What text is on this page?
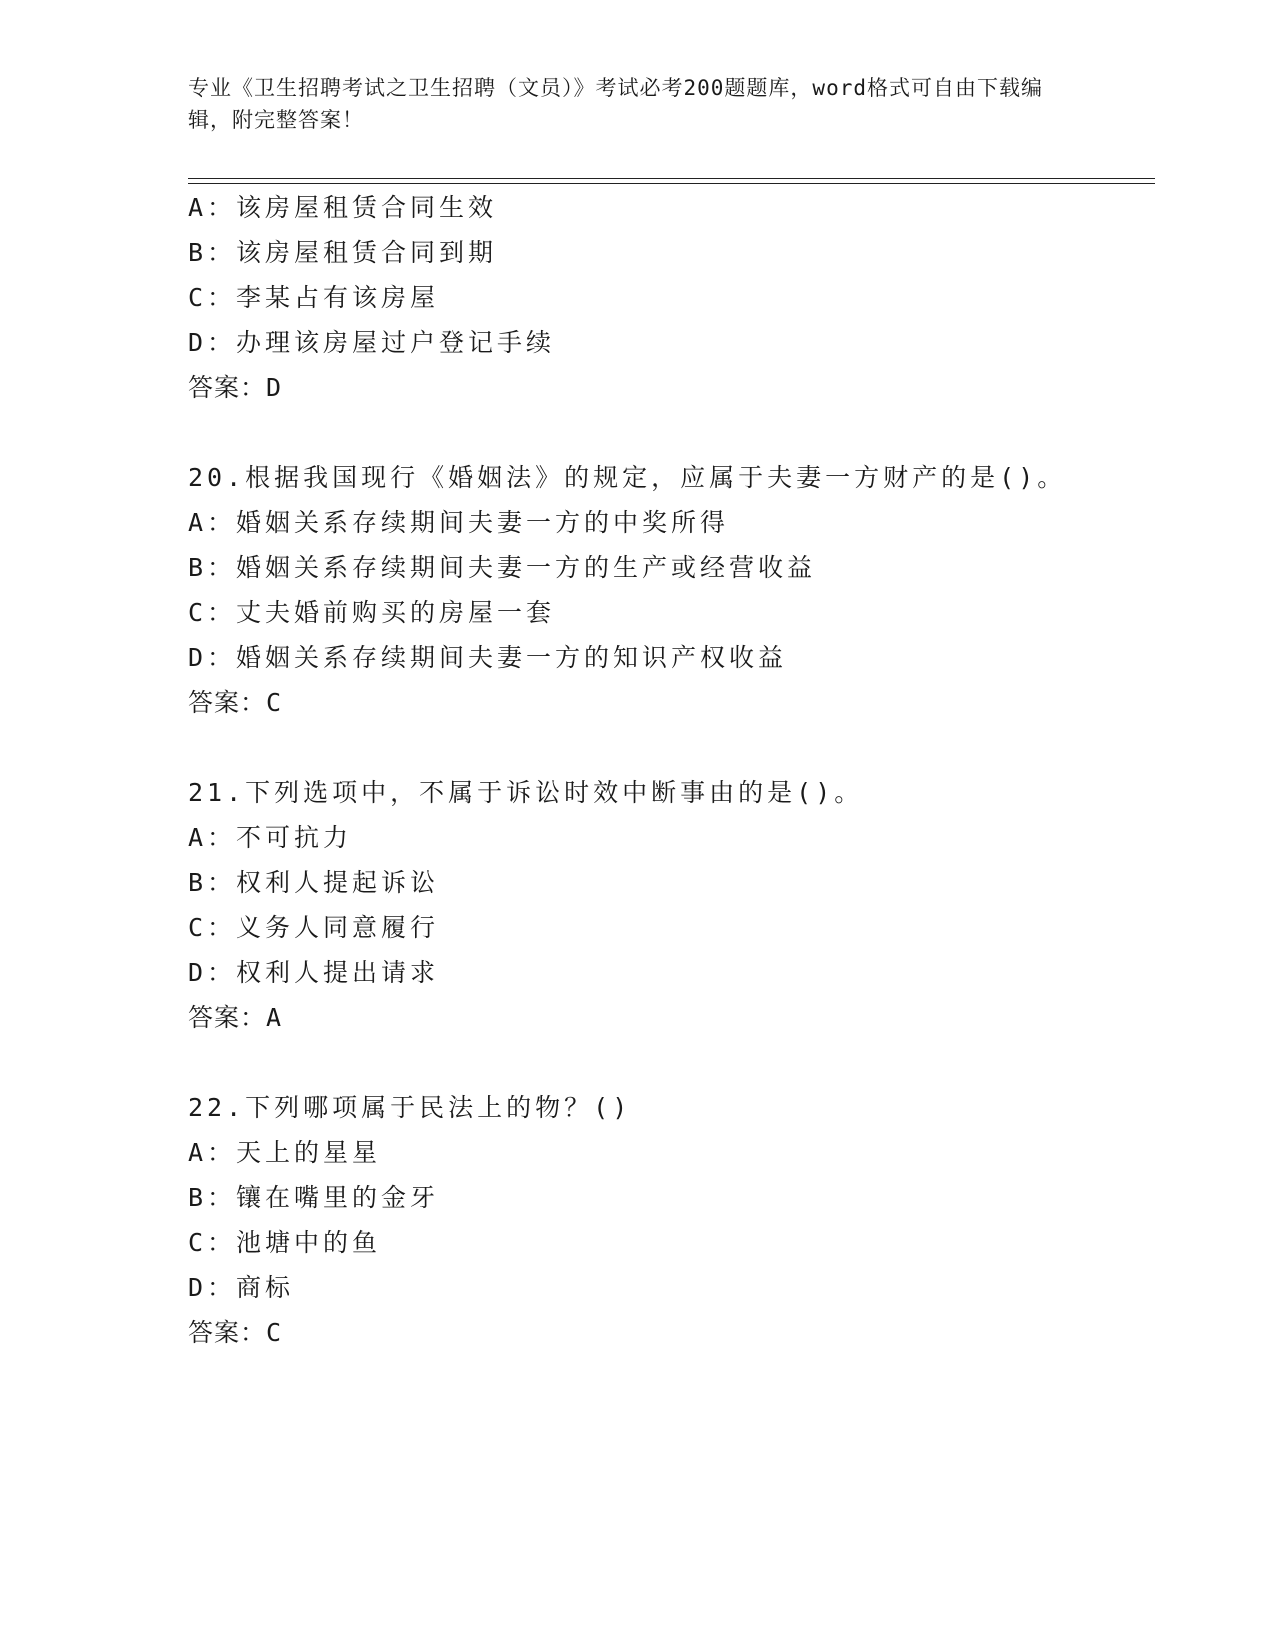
专业《卫生招聘考试之卫生招聘（文员）》考试必考200题题库，word格式可自由下载编辑，附完整答案！
A：该房屋租赁合同生效
B：该房屋租赁合同到期
C：李某占有该房屋
D：办理该房屋过户登记手续
答案：D
20.根据我国现行《婚姻法》的规定，应属于夫妻一方财产的是()。
A：婚姻关系存续期间夫妻一方的中奖所得
B：婚姻关系存续期间夫妻一方的生产或经营收益
C：丈夫婚前购买的房屋一套
D：婚姻关系存续期间夫妻一方的知识产权收益
答案：C
21.下列选项中，不属于诉讼时效中断事由的是()。
A：不可抗力
B：权利人提起诉讼
C：义务人同意履行
D：权利人提出请求
答案：A
22.下列哪项属于民法上的物？()
A：天上的星星
B：镶在嘴里的金牙
C：池塘中的鱼
D：商标
答案：C
